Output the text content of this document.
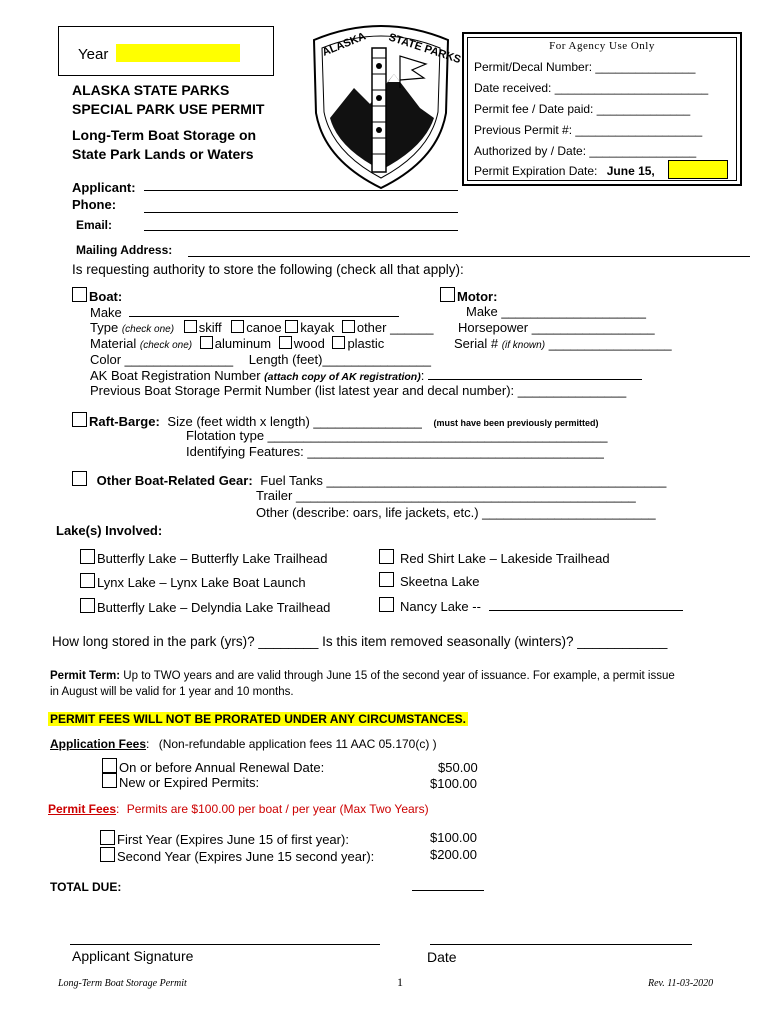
Year
ALASKA STATE PARKS
SPECIAL PARK USE PERMIT
Long-Term Boat Storage on
State Park Lands or Waters
ALASKA STATE PARKS	For Agency Use Only
Permit/Decal Number: _______________
Date received: _______________________
Permit fee / Date paid: ______________
Previous Permit #: ___________________
Authorized by / Date: ________________
Permit Expiration Date: June 15,
Applicant:
Phone:
Email:
Mailing Address:
Is requesting authority to store the following (check all that apply):
Boat:
Make
Type (check one) skiff canoe kayak other ______
Material (check one) aluminum wood plastic
Color _______________ Length (feet)_______________
AK Boat Registration Number (attach copy of AK registration):
Previous Boat Storage Permit Number (list latest year and decal number): _______________
Motor:
Make ____________________
Horsepower _________________
Serial # (if known) _________________
Raft-Barge: Size (feet width x length) _______________ (must have been previously permitted)
Flotation type _______________________________________________
Identifying Features: _________________________________________
Other Boat-Related Gear: Fuel Tanks _______________________________________________
Trailer _______________________________________________
Other (describe: oars, life jackets, etc.) ________________________
Lake(s) Involved:
Butterfly Lake – Butterfly Lake Trailhead
Lynx Lake – Lynx Lake Boat Launch
Butterfly Lake – Delyndia Lake Trailhead
Red Shirt Lake – Lakeside Trailhead
Skeetna Lake
Nancy Lake --
How long stored in the park (yrs)? ________ Is this item removed seasonally (winters)? ____________
Permit Term: Up to TWO years and are valid through June 15 of the second year of issuance. For example, a permit issue
in August will be valid for 1 year and 10 months.
PERMIT FEES WILL NOT BE PRORATED UNDER ANY CIRCUMSTANCES.
Application Fees: (Non-refundable application fees 11 AAC 05.170(c) )
On or before Annual Renewal Date:	$50.00
New or Expired Permits:	$100.00
Permit Fees: Permits are $100.00 per boat / per year (Max Two Years)
First Year (Expires June 15 of first year):	$100.00
Second Year (Expires June 15 second year):	$200.00
TOTAL DUE:
Applicant Signature	Date
Long-Term Boat Storage Permit	1	Rev. 11-03-2020
